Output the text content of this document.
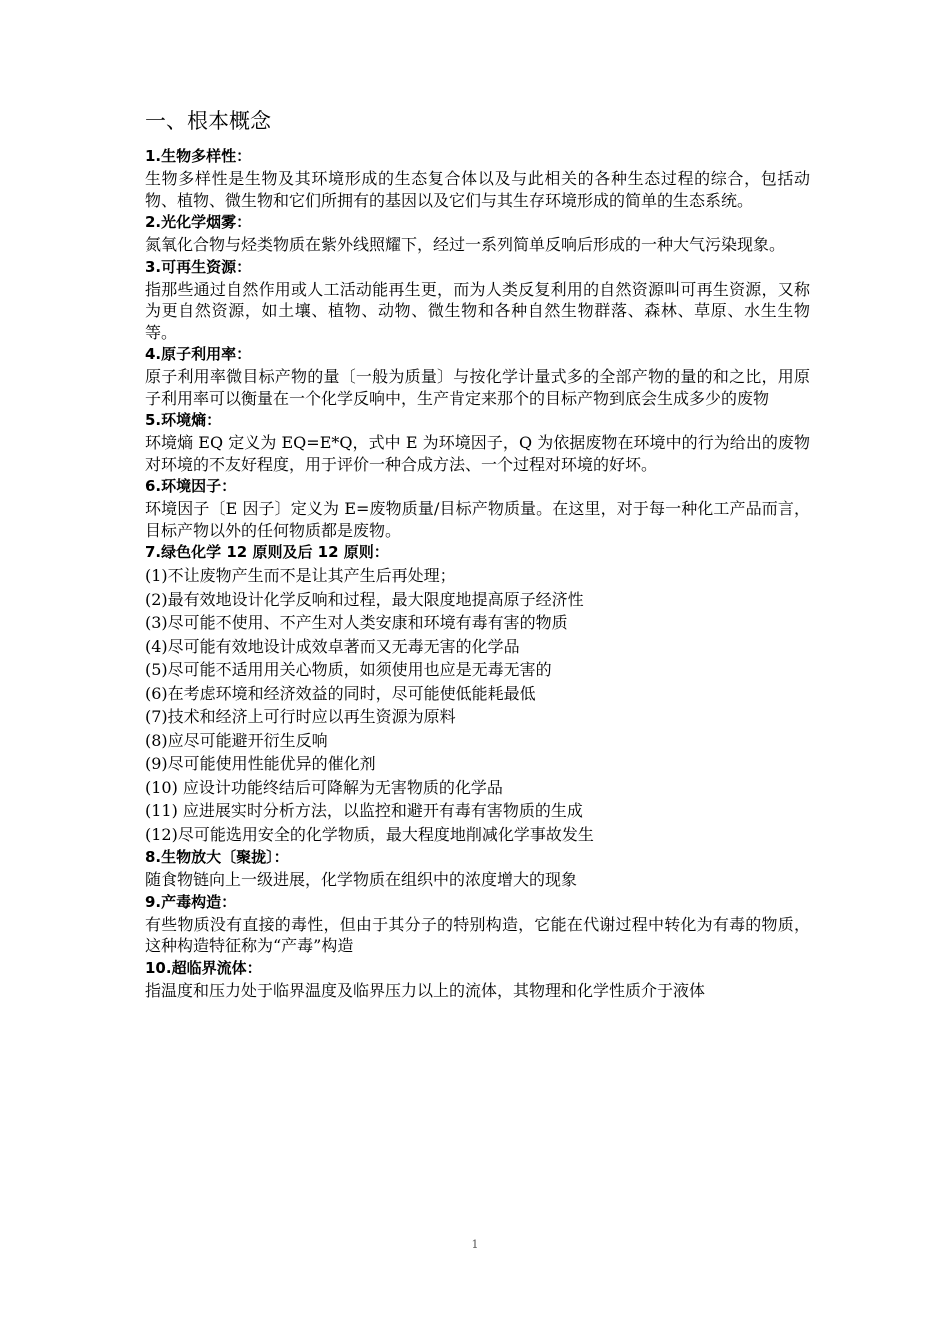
一、根本概念

1.生物多样性：

生物多样性是生物及其环境形成的生态复合体以及与此相关的各种生态过程的综合，包括动物、植物、微生物和它们所拥有的基因以及它们与其生存环境形成的简单的生态系统。

2.光化学烟雾：

氮氧化合物与烃类物质在紫外线照耀下，经过一系列简单反响后形成的一种大气污染现象。

3.可再生资源：

指那些通过自然作用或人工活动能再生更，而为人类反复利用的自然资源叫可再生资源，又称为更自然资源，如土壤、植物、动物、微生物和各种自然生物群落、森林、草原、水生生物等。

4.原子利用率：

原子利用率微目标产物的量〔一般为质量〕与按化学计量式多的全部产物的量的和之比，用原子利用率可以衡量在一个化学反响中，生产肯定来那个的目标产物到底会生成多少的废物

5.环境熵：

环境熵 EQ 定义为 EQ=E*Q，式中 E 为环境因子，Q 为依据废物在环境中的行为给出的废物对环境的不友好程度，用于评价一种合成方法、一个过程对环境的好坏。

6.环境因子：

环境因子〔E 因子〕定义为 E=废物质量/目标产物质量。在这里，对于每一种化工产品而言，目标产物以外的任何物质都是废物。

7.绿色化学 12 原则及后 12 原则：

(1)不让废物产生而不是让其产生后再处理；

(2)最有效地设计化学反响和过程，最大限度地提高原子经济性

(3)尽可能不使用、不产生对人类安康和环境有毒有害的物质

(4)尽可能有效地设计成效卓著而又无毒无害的化学品

(5)尽可能不适用用关心物质，如须使用也应是无毒无害的

(6)在考虑环境和经济效益的同时，尽可能使低能耗最低

(7)技术和经济上可行时应以再生资源为原料

(8)应尽可能避开衍生反响

(9)尽可能使用性能优异的催化剂

(10) 应设计功能终结后可降解为无害物质的化学品

(11) 应进展实时分析方法，以监控和避开有毒有害物质的生成

(12)尽可能选用安全的化学物质，最大程度地削减化学事故发生

8.生物放大〔聚拢〕：

随食物链向上一级进展，化学物质在组织中的浓度增大的现象

9.产毒构造：

有些物质没有直接的毒性，但由于其分子的特别构造，它能在代谢过程中转化为有毒的物质，这种构造特征称为“产毒”构造

10.超临界流体：

指温度和压力处于临界温度及临界压力以上的流体，其物理和化学性质介于液体

1
